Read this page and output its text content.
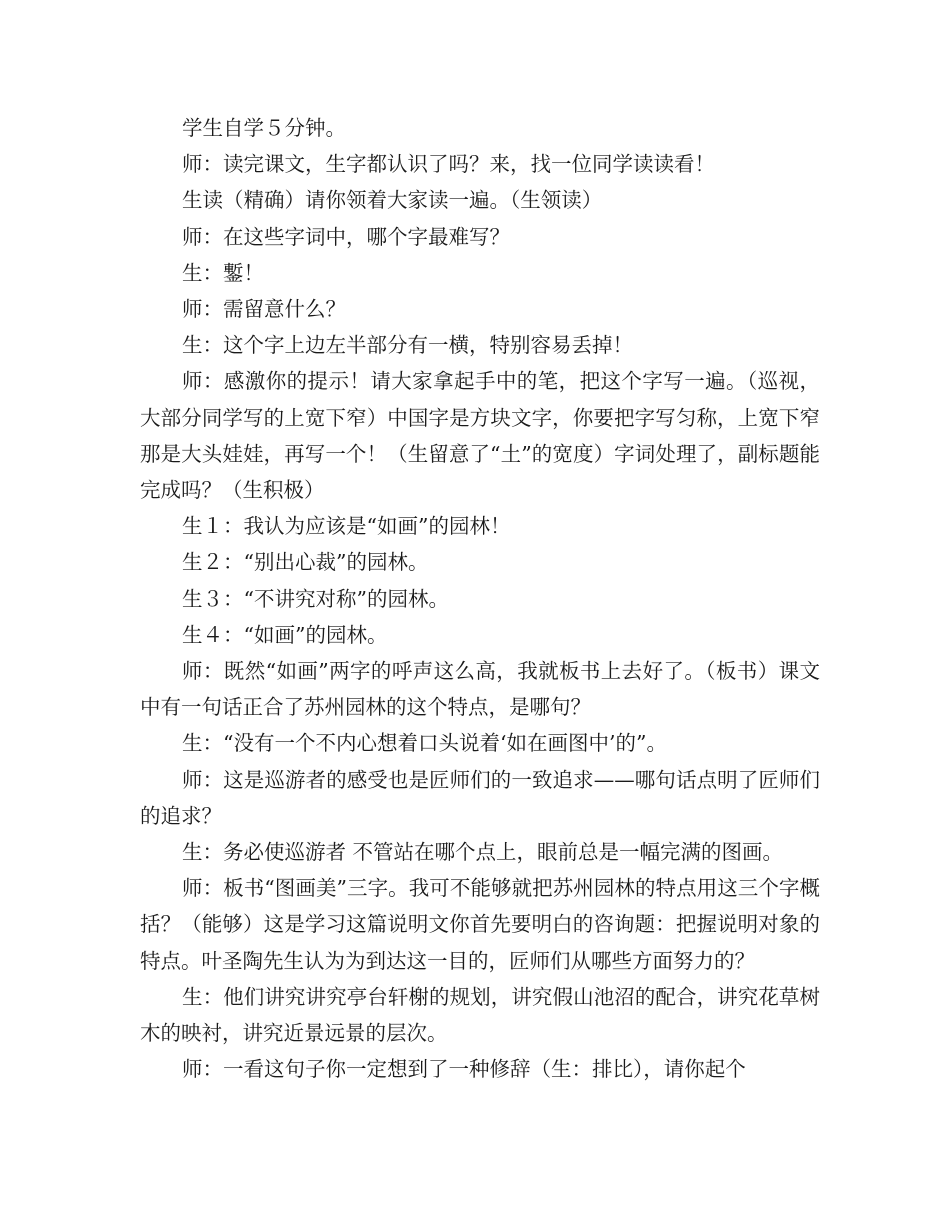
学生自学５分钟。

师：读完课文，生字都认识了吗？来，找一位同学读读看！

生读（精确）请你领着大家读一遍。（生领读）

师：在这些字词中，哪个字最难写？

生：鏨！

师：需留意什么？

生：这个字上边左半部分有一横，特别容易丢掉！

师：感激你的提示！请大家拿起手中的笔，把这个字写一遍。（巡视，大部分同学写的上宽下窄）中国字是方块文字，你要把字写匀称，上宽下窄那是大头娃娃，再写一个！（生留意了“土”的宽度）字词处理了，副标题能完成吗？（生积极）

生１：我认为应该是“如画”的园林！

生２：“别出心裁”的园林。

生３：“不讲究对称”的园林。

生４：“如画”的园林。

师：既然“如画”两字的呼声这么高，我就板书上去好了。（板书）课文中有一句话正合了苏州园林的这个特点，是哪句？

生：“没有一个不内心想着口头说着‘如在画图中’的”。

师：这是巡游者的感受也是匠师们的一致追求——哪句话点明了匠师们的追求？

生：务必使巡游者 不管站在哪个点上，眼前总是一幅完满的图画。

师：板书“图画美”三字。我可不能够就把苏州园林的特点用这三个字概括？（能够）这是学习这篇说明文你首先要明白的咨询题：把握说明对象的特点。叶圣陶先生认为为到达这一目的，匠师们从哪些方面努力的？

生：他们讲究讲究亭台轩榭的规划，讲究假山池沼的配合，讲究花草树木的映衬，讲究近景远景的层次。

师：一看这句子你一定想到了一种修辞（生：排比），请你起个
